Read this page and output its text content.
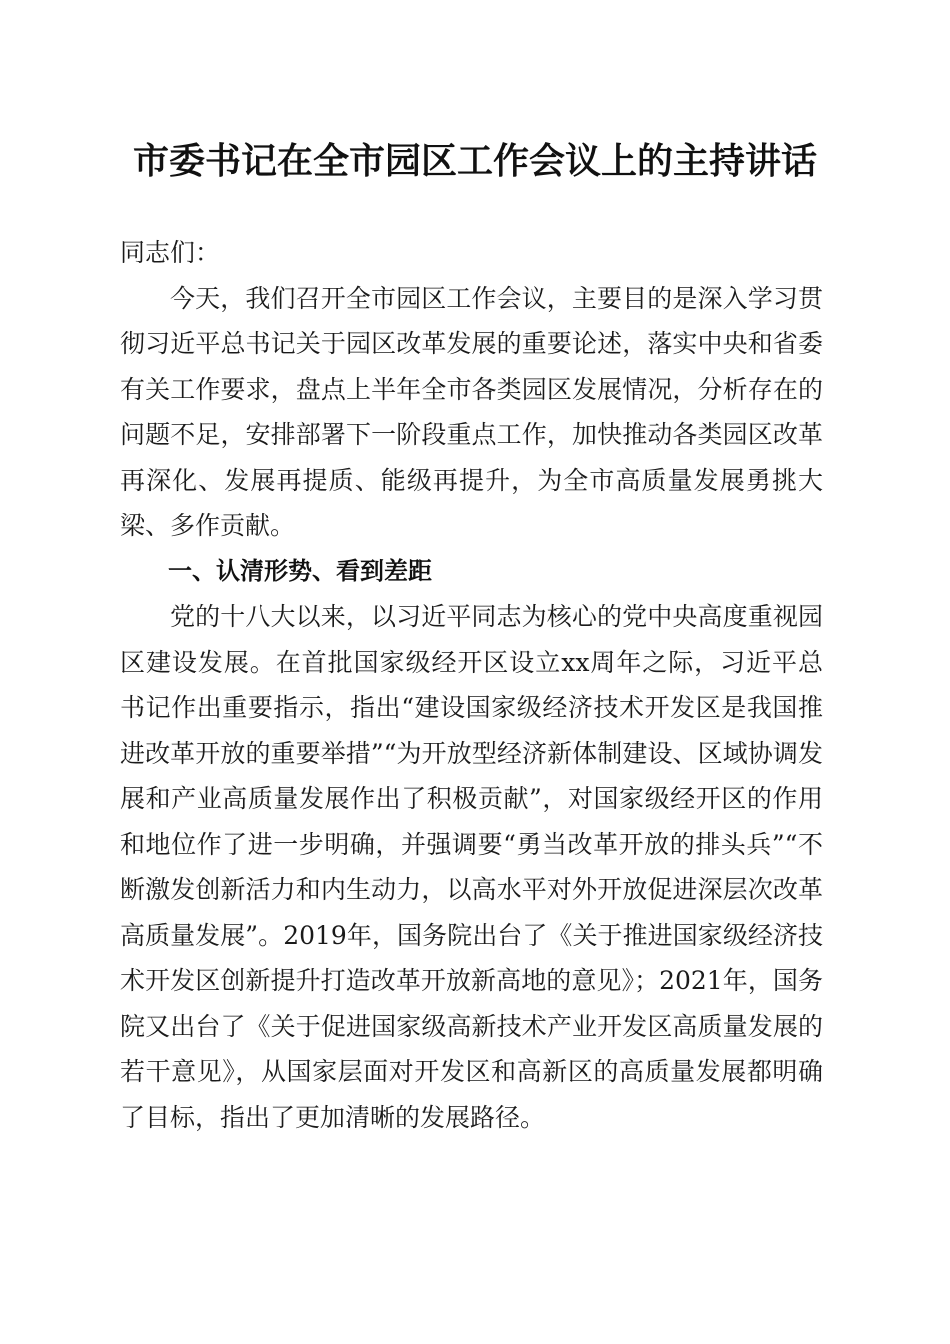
市委书记在全市园区工作会议上的主持讲话

同志们：

今天，我们召开全市园区工作会议，主要目的是深入学习贯彻习近平总书记关于园区改革发展的重要论述，落实中央和省委有关工作要求，盘点上半年全市各类园区发展情况，分析存在的问题不足，安排部署下一阶段重点工作，加快推动各类园区改革再深化、发展再提质、能级再提升，为全市高质量发展勇挑大梁、多作贡献。

一、认清形势、看到差距

党的十八大以来，以习近平同志为核心的党中央高度重视园区建设发展。在首批国家级经开区设立xx周年之际，习近平总书记作出重要指示，指出“建设国家级经济技术开发区是我国推进改革开放的重要举措”“为开放型经济新体制建设、区域协调发展和产业高质量发展作出了积极贡献”，对国家级经开区的作用和地位作了进一步明确，并强调要“勇当改革开放的排头兵”“不断激发创新活力和内生动力，以高水平对外开放促进深层次改革高质量发展”。2019年，国务院出台了《关于推进国家级经济技术开发区创新提升打造改革开放新高地的意见》；2021年，国务院又出台了《关于促进国家级高新技术产业开发区高质量发展的若干意见》，从国家层面对开发区和高新区的高质量发展都明确了目标，指出了更加清晰的发展路径。
